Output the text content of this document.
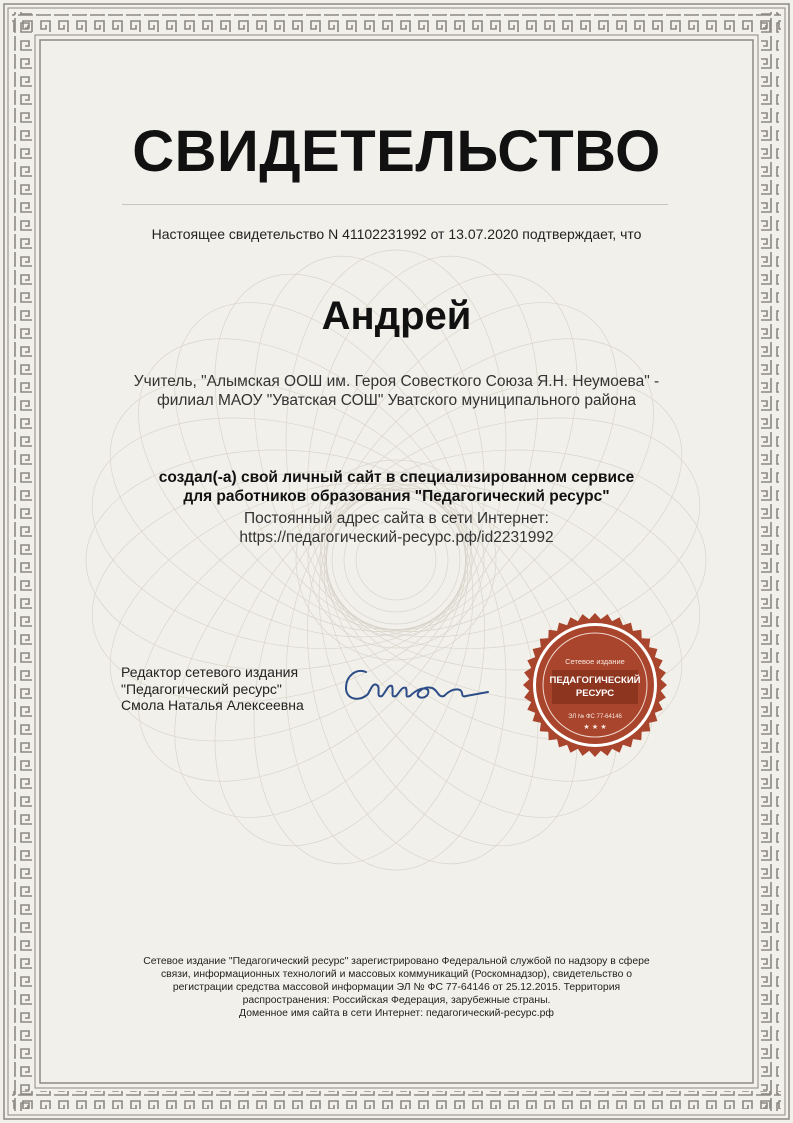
СВИДЕТЕЛЬСТВО
Настоящее свидетельство N 41102231992 от 13.07.2020 подтверждает, что
Андрей
Учитель, "Алымская ООШ им. Героя Совесткого Союза Я.Н. Неумоева" -
филиал МАОУ "Уватская СОШ" Уватского муниципального района
создал(-а) свой личный сайт в специализированном сервисе
для работников образования "Педагогический ресурс"
Постоянный адрес сайта в сети Интернет:
https://педагогический-ресурс.рф/id2231992
Редактор сетевого издания
"Педагогический ресурс"
Смола Наталья Алексеевна
Сетевое издание
ПЕДАГОГИЧЕСКИЙ
РЕСУРС
ЭЛ № ФС 77-64146
★ ★ ★
Сетевое издание "Педагогический ресурс" зарегистрировано Федеральной службой по надзору в сфере
связи, информационных технологий и массовых коммуникаций (Роскомнадзор), свидетельство о
регистрации средства массовой информации ЭЛ № ФС 77-64146 от 25.12.2015. Территория
распространения: Российская Федерация, зарубежные страны.
Доменное имя сайта в сети Интернет: педагогический-ресурс.рф
